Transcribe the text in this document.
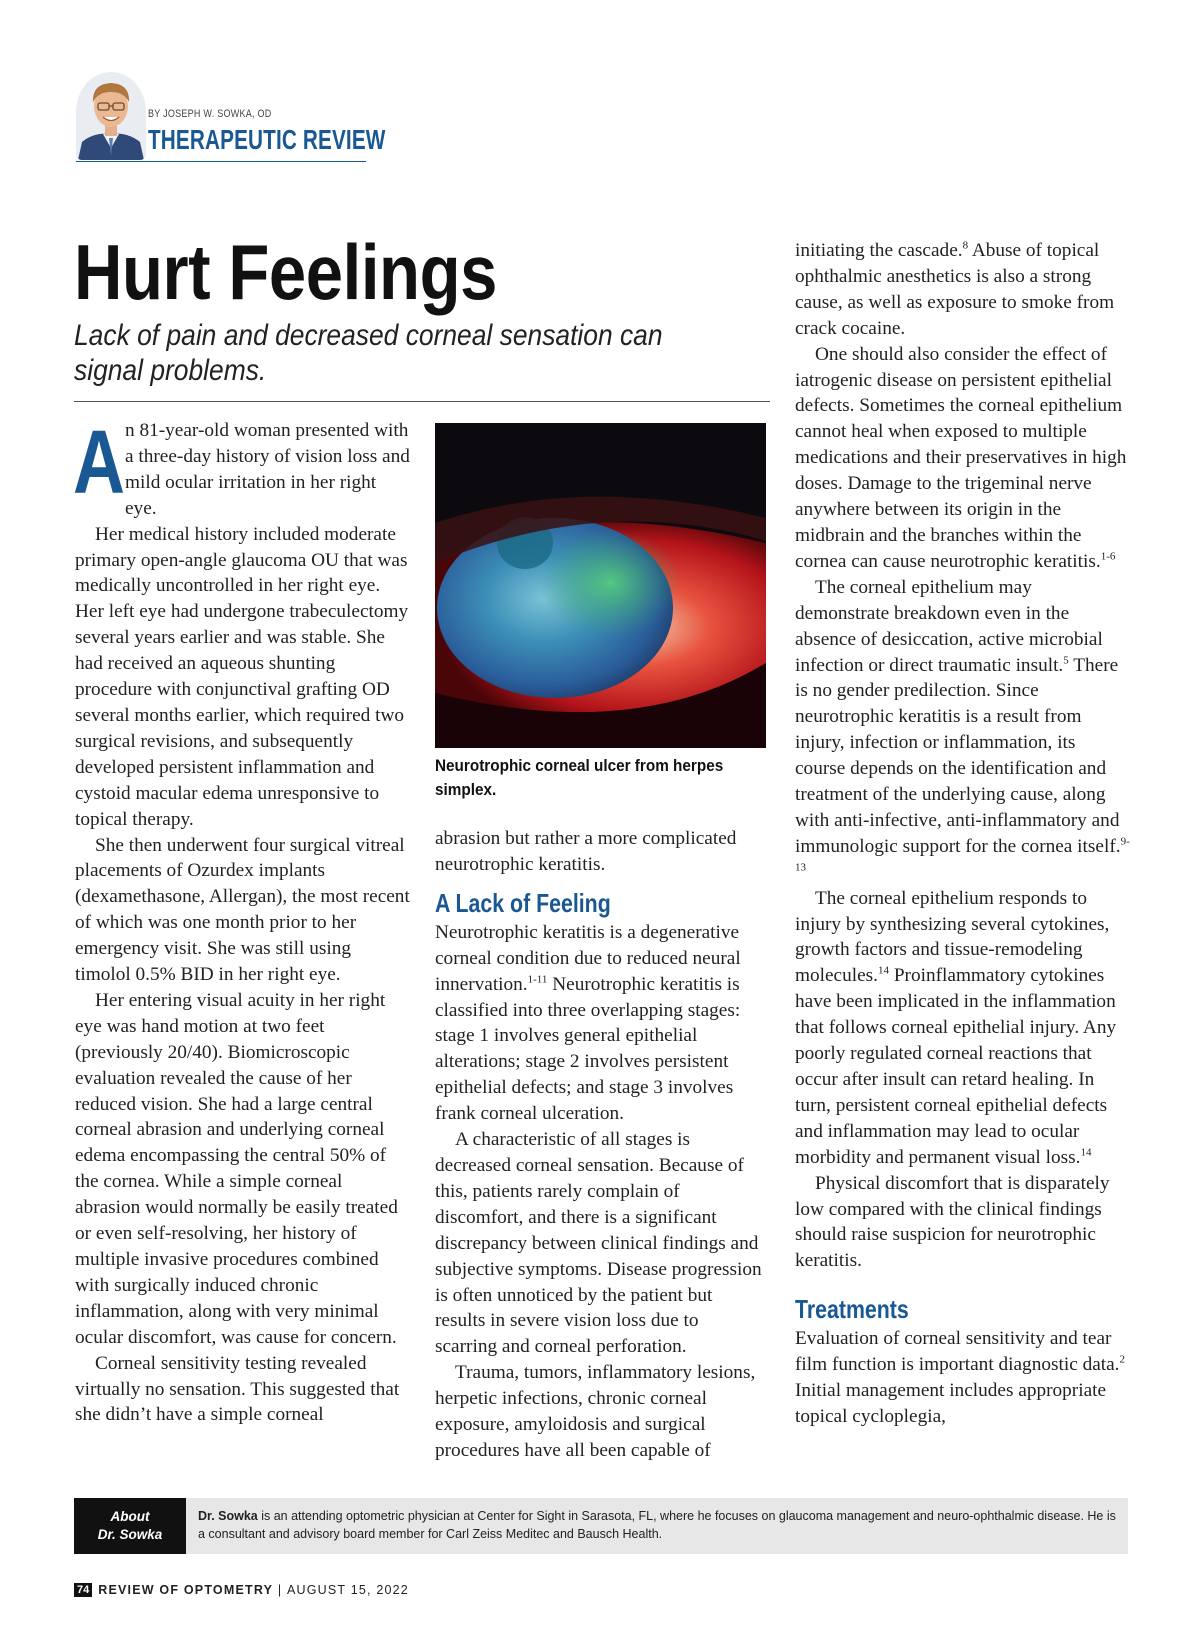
BY JOSEPH W. SOWKA, OD
THERAPEUTIC REVIEW
Hurt Feelings
Lack of pain and decreased corneal sensation can signal problems.

An 81-year-old woman presented with a three-day history of vision loss and mild ocular irritation in her right eye.

Her medical history included moderate primary open-angle glaucoma OU that was medically uncontrolled in her right eye. Her left eye had undergone trabeculectomy several years earlier and was stable. She had received an aqueous shunting procedure with conjunctival grafting OD several months earlier, which required two surgical revisions, and subsequently developed persistent inflammation and cystoid macular edema unresponsive to topical therapy.

She then underwent four surgical vitreal placements of Ozurdex implants (dexamethasone, Allergan), the most recent of which was one month prior to her emergency visit. She was still using timolol 0.5% BID in her right eye.

Her entering visual acuity in her right eye was hand motion at two feet (previously 20/40). Biomicroscopic evaluation revealed the cause of her reduced vision. She had a large central corneal abrasion and underlying corneal edema encompassing the central 50% of the cornea. While a simple corneal abrasion would normally be easily treated or even self-resolving, her history of multiple invasive procedures combined with surgically induced chronic inflammation, along with very minimal ocular discomfort, was cause for concern.

Corneal sensitivity testing revealed virtually no sensation. This suggested that she didn’t have a simple corneal

Neurotrophic corneal ulcer from herpes simplex.

abrasion but rather a more complicated neurotrophic keratitis.

A Lack of Feeling

Neurotrophic keratitis is a degenerative corneal condition due to reduced neural innervation.$^{1-11}$ Neurotrophic keratitis is classified into three overlapping stages: stage 1 involves general epithelial alterations; stage 2 involves persistent epithelial defects; and stage 3 involves frank corneal ulceration.

A characteristic of all stages is decreased corneal sensation. Because of this, patients rarely complain of discomfort, and there is a significant discrepancy between clinical findings and subjective symptoms. Disease progression is often unnoticed by the patient but results in severe vision loss due to scarring and corneal perforation.

Trauma, tumors, inflammatory lesions, herpetic infections, chronic corneal exposure, amyloidosis and surgical procedures have all been capable of

initiating the cascade.$^8$ Abuse of topical ophthalmic anesthetics is also a strong cause, as well as exposure to smoke from crack cocaine.

One should also consider the effect of iatrogenic disease on persistent epithelial defects. Sometimes the corneal epithelium cannot heal when exposed to multiple medications and their preservatives in high doses. Damage to the trigeminal nerve anywhere between its origin in the midbrain and the branches within the cornea can cause neurotrophic keratitis.$^{1-6}$

The corneal epithelium may demonstrate breakdown even in the absence of desiccation, active microbial infection or direct traumatic insult.$^5$ There is no gender predilection. Since neurotrophic keratitis is a result from injury, infection or inflammation, its course depends on the identification and treatment of the underlying cause, along with anti-infective, anti-inflammatory and immunologic support for the cornea itself.$^{9-13}$

The corneal epithelium responds to injury by synthesizing several cytokines, growth factors and tissue-remodeling molecules.$^{14}$ Proinflammatory cytokines have been implicated in the inflammation that follows corneal epithelial injury. Any poorly regulated corneal reactions that occur after insult can retard healing. In turn, persistent corneal epithelial defects and inflammation may lead to ocular morbidity and permanent visual loss.$^{14}$

Physical discomfort that is disparately low compared with the clinical findings should raise suspicion for neurotrophic keratitis.

Treatments

Evaluation of corneal sensitivity and tear film function is important diagnostic data.$^2$ Initial management includes appropriate topical cycloplegia,

About
Dr. Sowka
Dr. Sowka is an attending optometric physician at Center for Sight in Sarasota, FL, where he focuses on glaucoma management and neuro-ophthalmic disease. He is a consultant and advisory board member for Carl Zeiss Meditec and Bausch Health.
74 REVIEW OF OPTOMETRY | AUGUST 15, 2022
